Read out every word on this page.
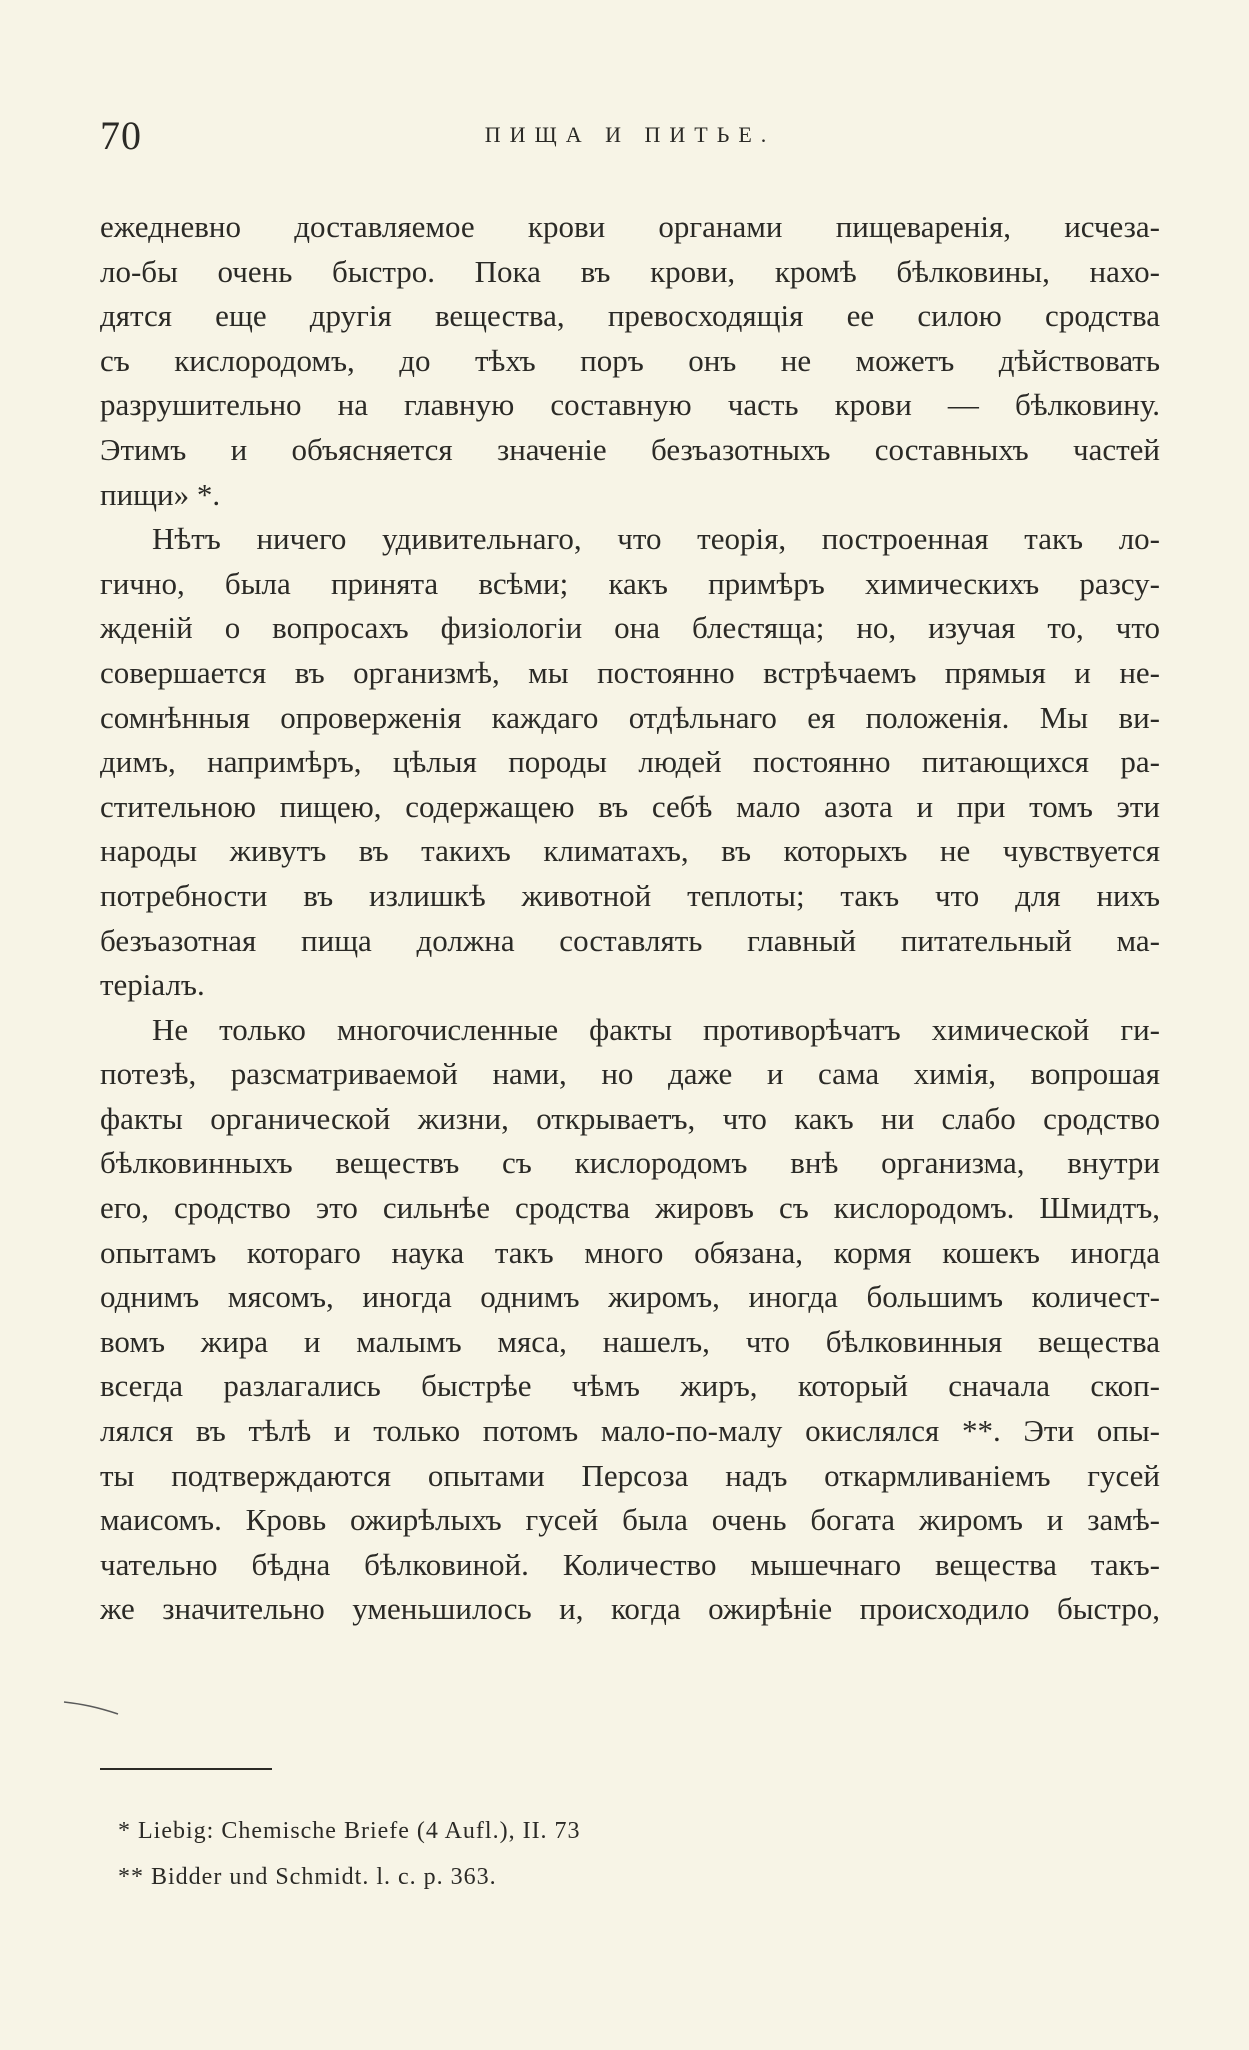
70	ПИЩА И ПИТЬЕ.
ежедневно доставляемое крови органами пищеваренія, исчеза-
ло-бы очень быстро. Пока въ крови, кромѣ бѣлковины, нахо-
дятся еще другія вещества, превосходящія ее силою сродства
съ кислородомъ, до тѣхъ поръ онъ не можетъ дѣйствовать
разрушительно на главную составную часть крови — бѣлковину.
Этимъ и объясняется значеніе безъазотныхъ составныхъ частей
пищи» *.
Нѣтъ ничего удивительнаго, что теорія, построенная такъ ло-
гично, была принята всѣми; какъ примѣръ химическихъ разсу-
жденій о вопросахъ физіологіи она блестяща; но, изучая то, что
совершается въ организмѣ, мы постоянно встрѣчаемъ прямыя и не-
сомнѣнныя опроверженія каждаго отдѣльнаго ея положенія. Мы ви-
димъ, напримѣръ, цѣлыя породы людей постоянно питающихся ра-
стительною пищею, содержащею въ себѣ мало азота и при томъ эти
народы живутъ въ такихъ климатахъ, въ которыхъ не чувствуется
потребности въ излишкѣ животной теплоты; такъ что для нихъ
безъазотная пища должна составлять главный питательный ма-
теріалъ.
Не только многочисленные факты противорѣчатъ химической ги-
потезѣ, разсматриваемой нами, но даже и сама химія, вопрошая
факты органической жизни, открываетъ, что какъ ни слабо сродство
бѣлковинныхъ веществъ съ кислородомъ внѣ организма, внутри
его, сродство это сильнѣе сродства жировъ съ кислородомъ. Шмидтъ,
опытамъ котораго наука такъ много обязана, кормя кошекъ иногда
однимъ мясомъ, иногда однимъ жиромъ, иногда большимъ количест-
вомъ жира и малымъ мяса, нашелъ, что бѣлковинныя вещества
всегда разлагались быстрѣе чѣмъ жиръ, который сначала скоп-
лялся въ тѣлѣ и только потомъ мало-по-малу окислялся **. Эти опы-
ты подтверждаются опытами Персоза надъ откармливаніемъ гусей
маисомъ. Кровь ожирѣлыхъ гусей была очень богата жиромъ и замѣ-
чательно бѣдна бѣлковиной. Количество мышечнаго вещества такъ-
же значительно уменьшилось и, когда ожирѣніе происходило быстро,
* Liebig: Chemische Briefe (4 Aufl.), II. 73
** Bidder und Schmidt. l. c. p. 363.
